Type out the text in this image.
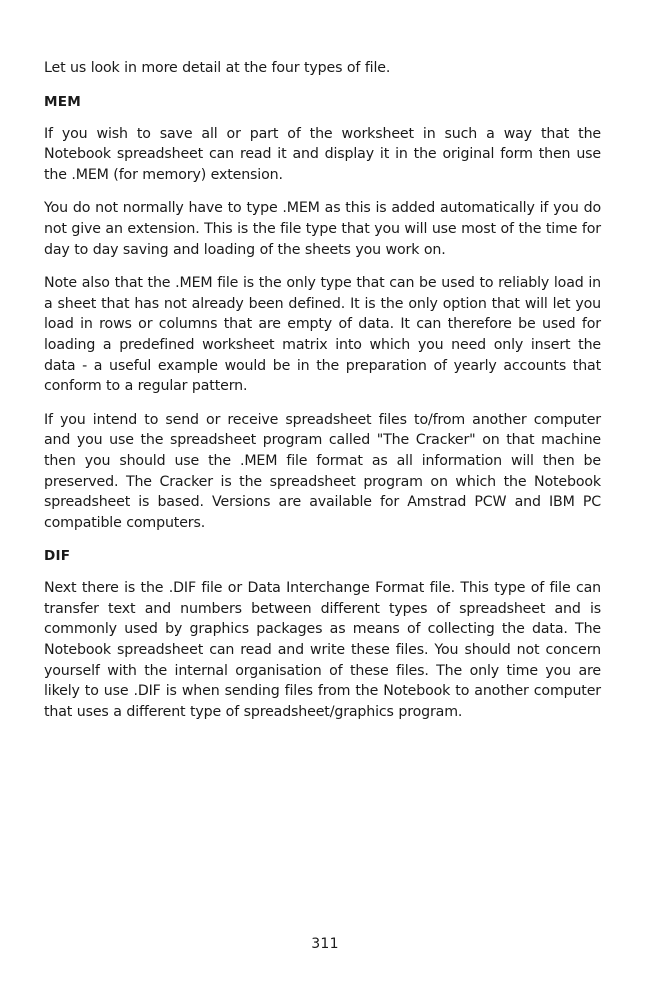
Let us look in more detail at the four types of file.

MEM

If you wish to save all or part of the worksheet in such a way that the Notebook spreadsheet can read it and display it in the original form then use the .MEM (for memory) extension.

You do not normally have to type .MEM as this is added automatically if you do not give an extension. This is the file type that you will use most of the time for day to day saving and loading of the sheets you work on.

Note also that the .MEM file is the only type that can be used to reliably load in a sheet that has not already been defined. It is the only option that will let you load in rows or columns that are empty of data. It can therefore be used for loading a predefined worksheet matrix into which you need only insert the data - a useful example would be in the preparation of yearly accounts that conform to a regular pattern.

If you intend to send or receive spreadsheet files to/from another computer and you use the spreadsheet program called "The Cracker" on that machine then you should use the .MEM file format as all information will then be preserved. The Cracker is the spreadsheet program on which the Notebook spreadsheet is based. Versions are available for Amstrad PCW and IBM PC compatible computers.

DIF

Next there is the .DIF file or Data Interchange Format file. This type of file can transfer text and numbers between different types of spreadsheet and is commonly used by graphics packages as means of collecting the data. The Notebook spreadsheet can read and write these files. You should not concern yourself with the internal organisation of these files. The only time you are likely to use .DIF is when sending files from the Notebook to another computer that uses a different type of spreadsheet/graphics program.

311
